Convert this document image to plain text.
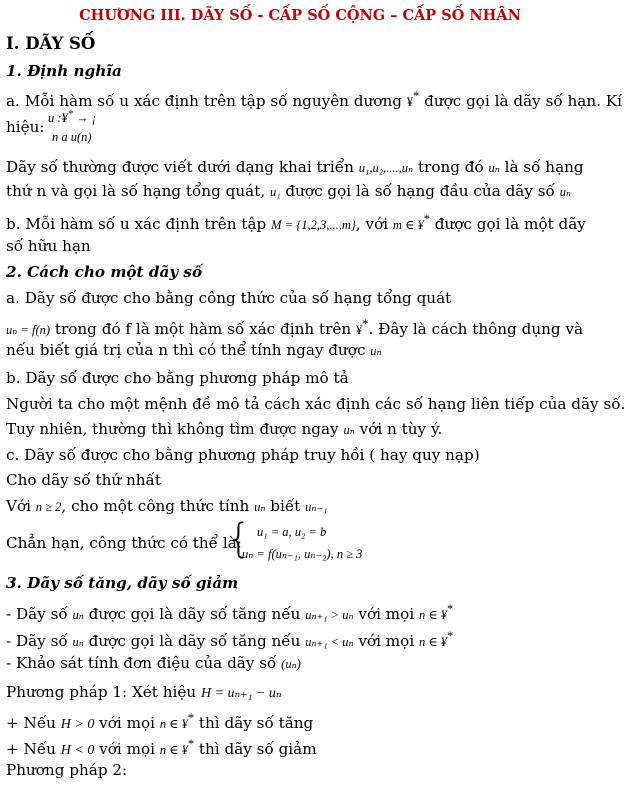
CHƯƠNG III. DÃY SỐ - CẤP SỐ CỘNG – CẤP SỐ NHÂN
I. DÃY SỐ
1. Định nghĩa
a. Mỗi hàm số u xác định trên tập số nguyên dương ¥* được gọi là dãy số hạn. Kí
hiệu: u :¥* → ¡
n a u(n)
Dãy số thường được viết dưới dạng khai triển u₁,u₂,....,uₙ trong đó uₙ là số hạng
thứ n và gọi là số hạng tổng quát, u₁ được gọi là số hạng đầu của dãy số uₙ
b. Mỗi hàm số u xác định trên tập M = {1,2,3,...,m}, với m ∈ ¥* được gọi là một dãy
số hữu hạn
2. Cách cho một dãy số
a. Dãy số được cho bằng công thức của số hạng tổng quát
uₙ = f(n) trong đó f là một hàm số xác định trên ¥*. Đây là cách thông dụng và
nếu biết giá trị của n thì có thể tính ngay được uₙ
b. Dãy số được cho bằng phương pháp mô tả
Người ta cho một mệnh đề mô tả cách xác định các số hạng liên tiếp của dãy số.
Tuy nhiên, thường thì không tìm được ngay uₙ với n tùy ý.
c. Dãy số được cho bằng phương pháp truy hồi ( hay quy nạp)
Cho dãy số thứ nhất
Với n ≥ 2, cho một công thức tính uₙ biết uₙ₋₁
Chẳn hạn, công thức có thể là:
{ u₁ = a, u₂ = b
uₙ = f(uₙ₋₁, uₙ₋₂), n ≥ 3
3. Dãy số tăng, dãy số giảm
- Dãy số uₙ được gọi là dãy số tăng nếu uₙ₊₁ > uₙ với mọi n ∈ ¥*
- Dãy số uₙ được gọi là dãy số tăng nếu uₙ₊₁ < uₙ với mọi n ∈ ¥*
- Khảo sát tính đơn điệu của dãy số (uₙ)
Phương pháp 1: Xét hiệu H = uₙ₊₁ − uₙ
+ Nếu H > 0 với mọi n ∈ ¥* thì dãy số tăng
+ Nếu H < 0 với mọi n ∈ ¥* thì dãy số giảm
Phương pháp 2:
